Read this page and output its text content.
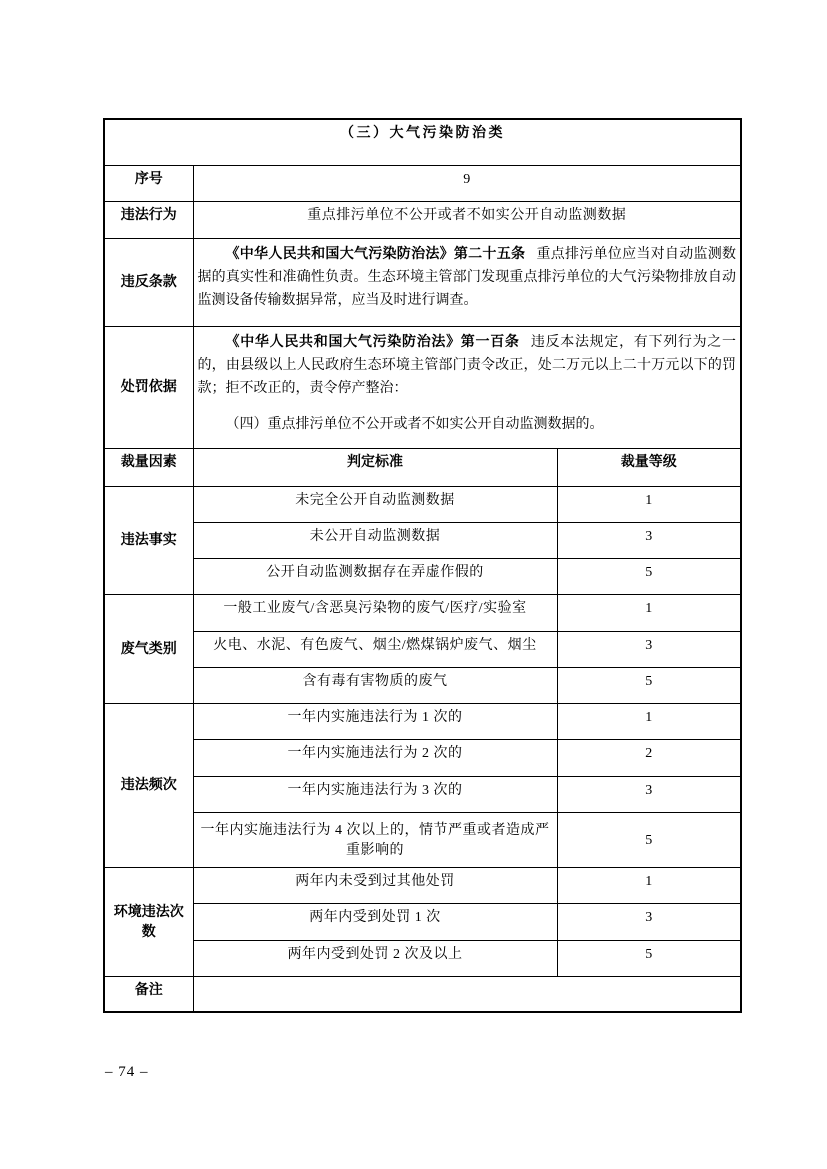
（三）大气污染防治类		
序号	9	
违法行为	重点排污单位不公开或者不如实公开自动监测数据	
违反条款	《中华人民共和国大气污染防治法》第二十五条 重点排污单位应当对自动监测数据的真实性和准确性负责。生态环境主管部门发现重点排污单位的大气污染物排放自动监测设备传输数据异常，应当及时进行调查。	

处罚依据	《中华人民共和国大气污染防治法》第一百条 违反本法规定，有下列行为之一的，由县级以上人民政府生态环境主管部门责令改正，处二万元以上二十万元以下的罚款；拒不改正的，责令停产整治：

（四）重点排污单位不公开或者不如实公开自动监测数据的。	

裁量因素	判定标准	裁量等级
违法事实	未完全公开自动监测数据	1
	未公开自动监测数据	3
	公开自动监测数据存在弄虚作假的	5
废气类别	一般工业废气/含恶臭污染物的废气/医疗/实验室	1
	火电、水泥、有色废气、烟尘/燃煤锅炉废气、烟尘	3
	含有毒有害物质的废气	5
违法频次	一年内实施违法行为 1 次的	1
	一年内实施违法行为 2 次的	2
	一年内实施违法行为 3 次的	3
	一年内实施违法行为 4 次以上的，情节严重或者造成严重影响的	5
环境违法次数	两年内未受到过其他处罚	1
	两年内受到处罚 1 次	3
	两年内受到处罚 2 次及以上	5
备注		
– 74 –
